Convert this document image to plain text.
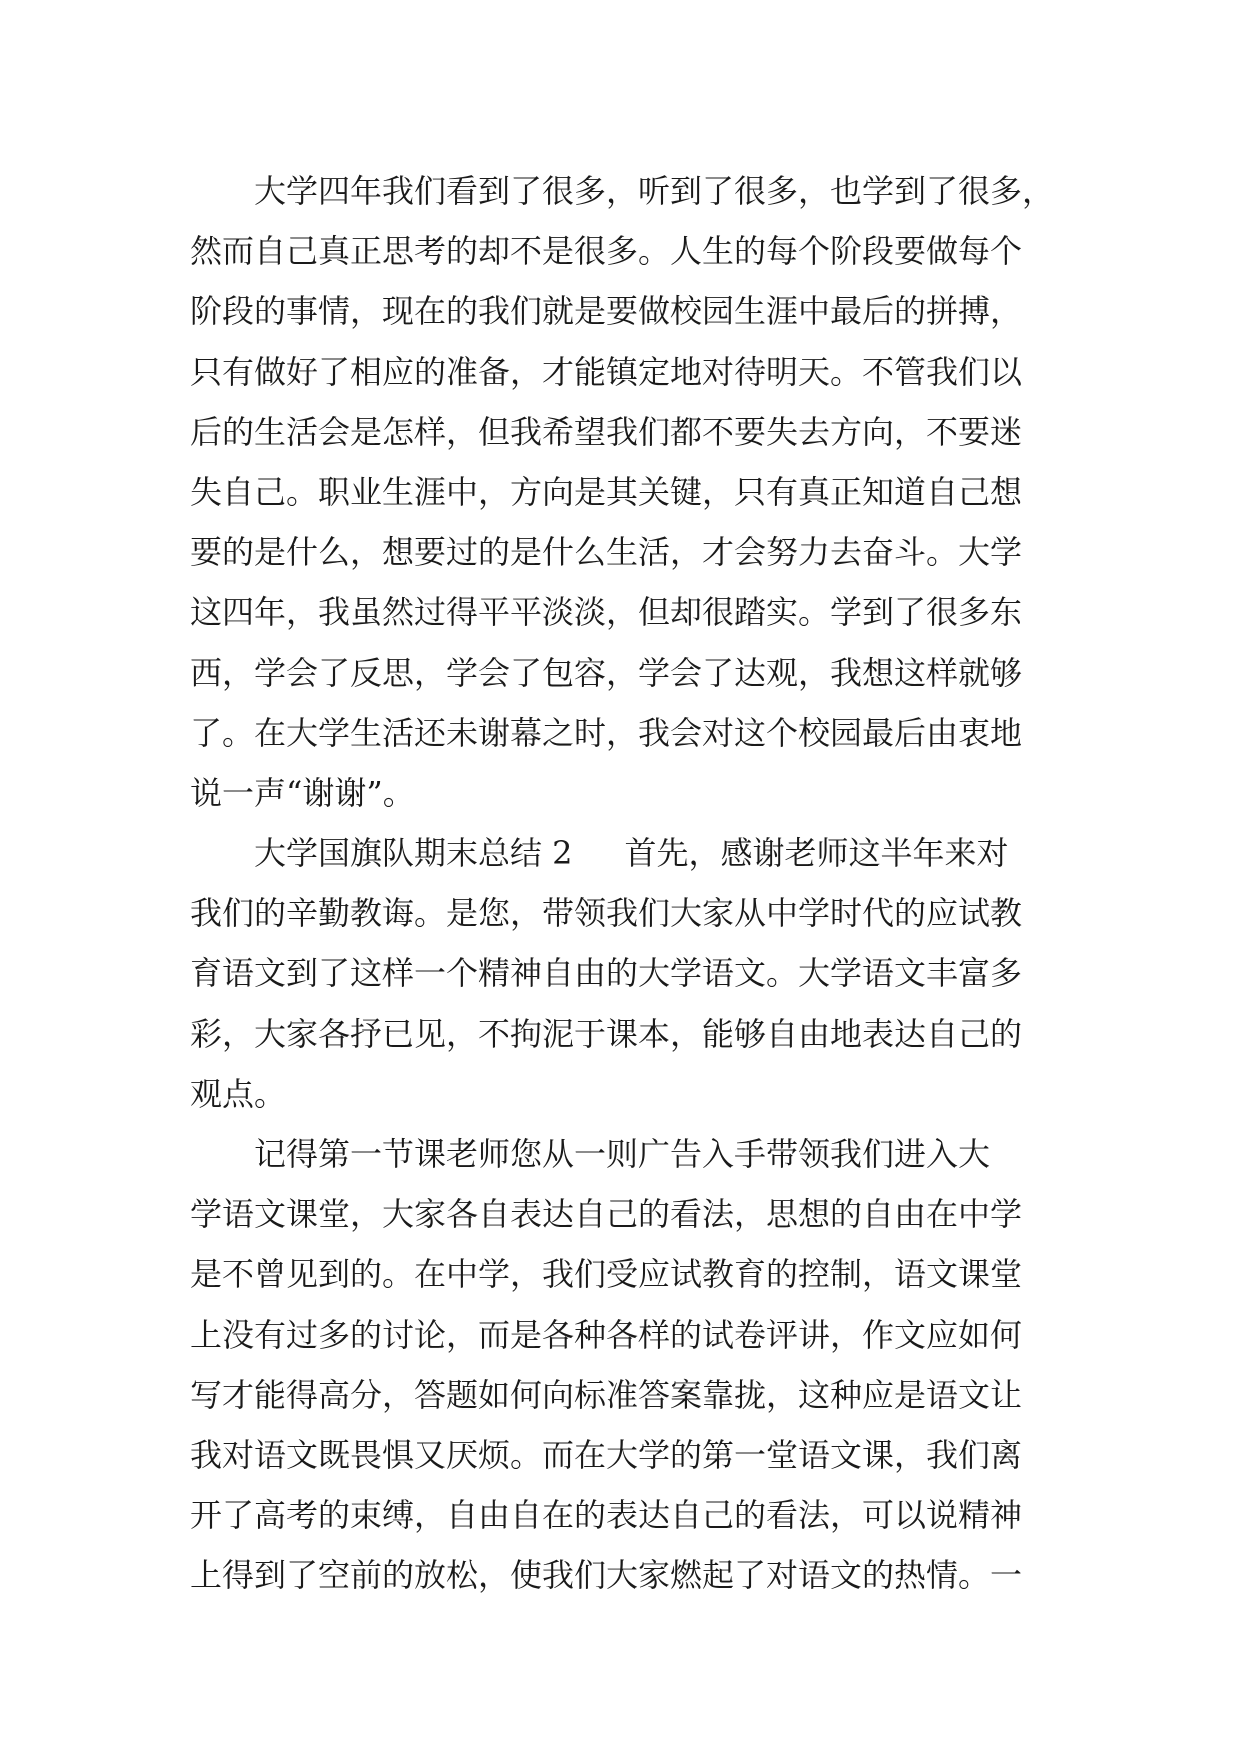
大学四年我们看到了很多，听到了很多，也学到了很多，
然而自己真正思考的却不是很多。人生的每个阶段要做每个
阶段的事情，现在的我们就是要做校园生涯中最后的拼搏，
只有做好了相应的准备，才能镇定地对待明天。不管我们以
后的生活会是怎样，但我希望我们都不要失去方向，不要迷
失自己。职业生涯中，方向是其关键，只有真正知道自己想
要的是什么，想要过的是什么生活，才会努力去奋斗。大学
这四年，我虽然过得平平淡淡，但却很踏实。学到了很多东
西，学会了反思，学会了包容，学会了达观，我想这样就够
了。在大学生活还未谢幕之时，我会对这个校园最后由衷地
说一声“谢谢”。
大学国旗队期末总结 2 首先，感谢老师这半年来对
我们的辛勤教诲。是您，带领我们大家从中学时代的应试教
育语文到了这样一个精神自由的大学语文。大学语文丰富多
彩，大家各抒已见，不拘泥于课本，能够自由地表达自己的
观点。
记得第一节课老师您从一则广告入手带领我们进入大
学语文课堂，大家各自表达自己的看法，思想的自由在中学
是不曾见到的。在中学，我们受应试教育的控制，语文课堂
上没有过多的讨论，而是各种各样的试卷评讲，作文应如何
写才能得高分，答题如何向标准答案靠拢，这种应是语文让
我对语文既畏惧又厌烦。而在大学的第一堂语文课，我们离
开了高考的束缚，自由自在的表达自己的看法，可以说精神
上得到了空前的放松，使我们大家燃起了对语文的热情。一
